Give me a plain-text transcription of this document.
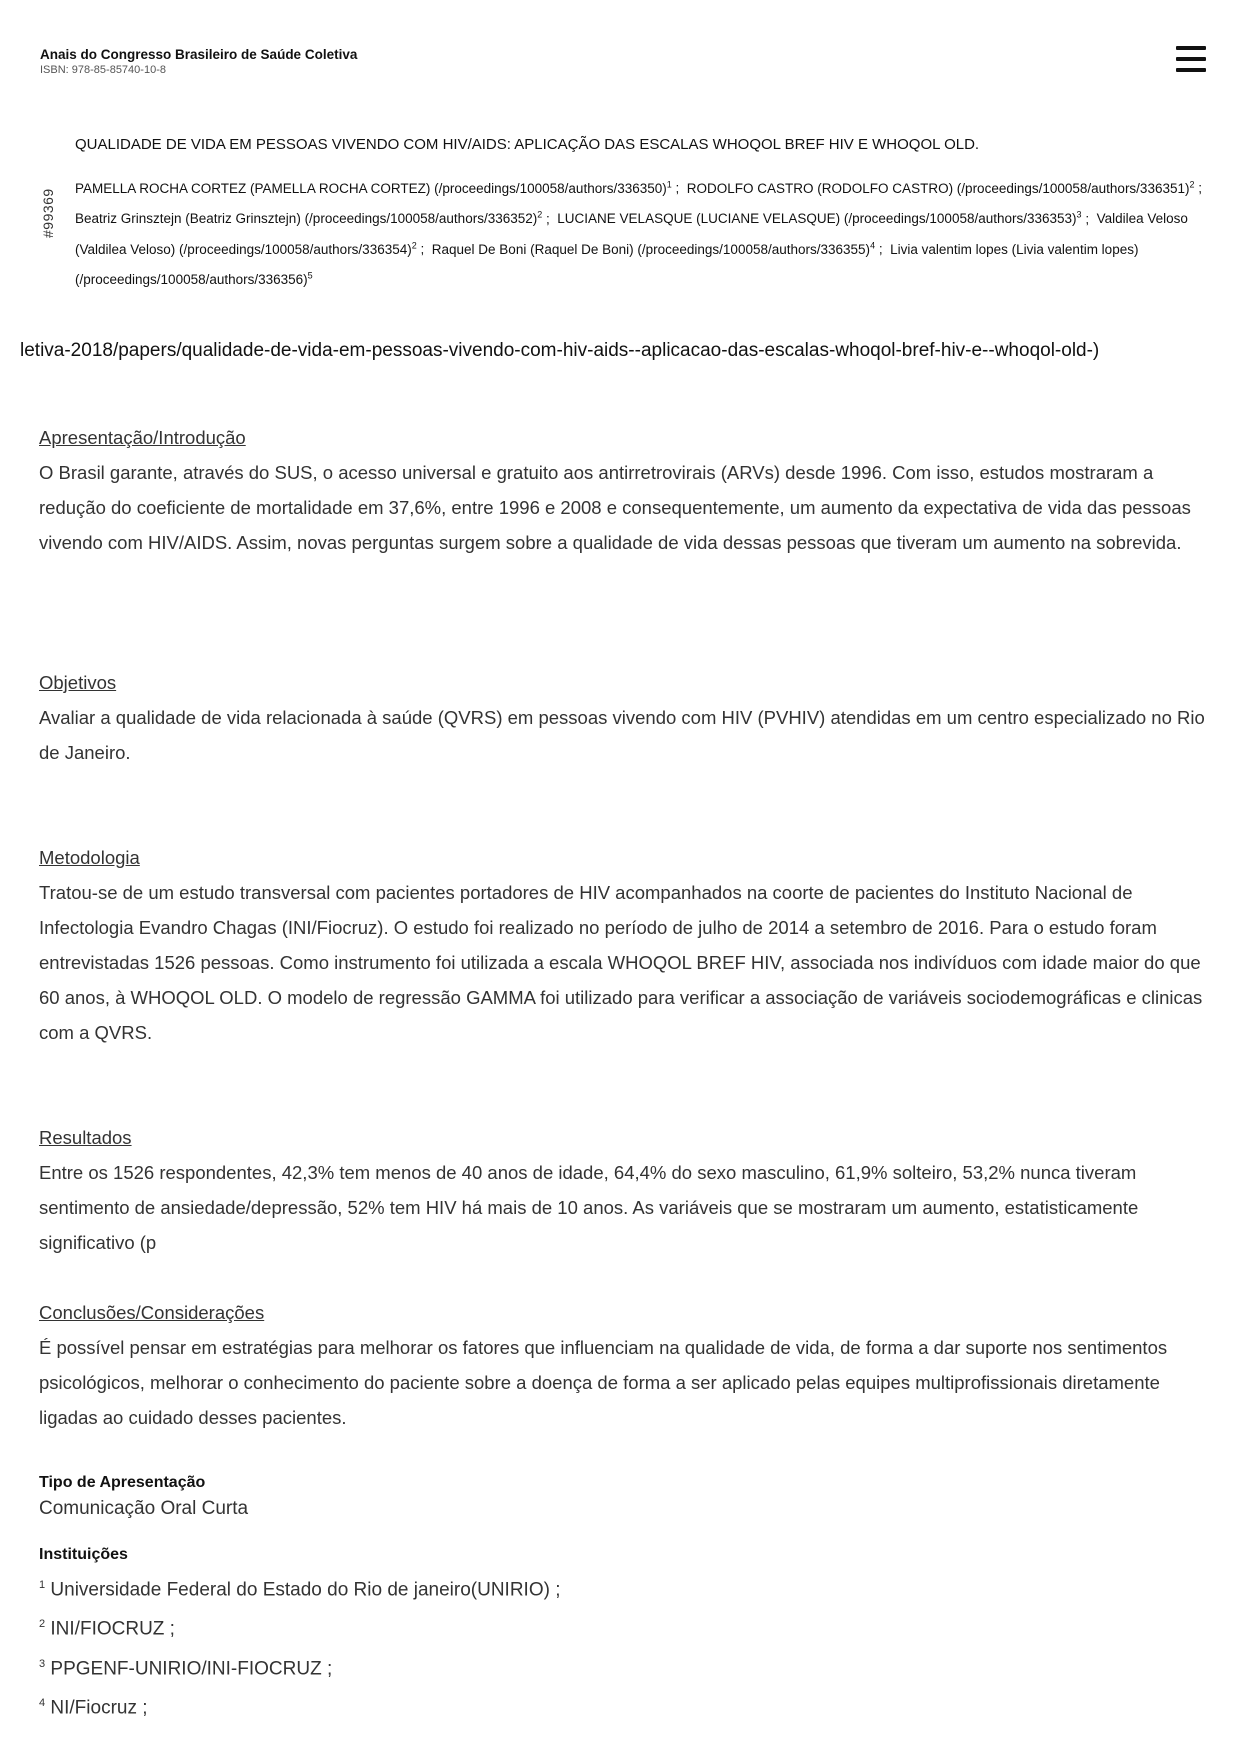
Anais do Congresso Brasileiro de Saúde Coletiva
ISBN: 978-85-85740-10-8
#99369
QUALIDADE DE VIDA EM PESSOAS VIVENDO COM HIV/AIDS: APLICAÇÃO DAS ESCALAS WHOQOL BREF HIV E WHOQOL OLD.
PAMELLA ROCHA CORTEZ (PAMELLA ROCHA CORTEZ) (/proceedings/100058/authors/336350)$^1$ ;  RODOLFO CASTRO (RODOLFO CASTRO) (/proceedings/100058/authors/336351)$^2$ ;  Beatriz Grinsztejn (Beatriz Grinsztejn) (/proceedings/100058/authors/336352)$^2$ ;  LUCIANE VELASQUE (LUCIANE VELASQUE) (/proceedings/100058/authors/336353)$^3$ ;  Valdilea Veloso (Valdilea Veloso) (/proceedings/100058/authors/336354)$^2$ ;  Raquel De Boni (Raquel De Boni) (/proceedings/100058/authors/336355)$^4$ ;  Livia valentim lopes (Livia valentim lopes) (/proceedings/100058/authors/336356)$^5$
letiva-2018/papers/qualidade-de-vida-em-pessoas-vivendo-com-hiv-aids--aplicacao-das-escalas-whoqol-bref-hiv-e--whoqol-old-)

Apresentação/Introdução

O Brasil garante, através do SUS, o acesso universal e gratuito aos antirretrovirais (ARVs) desde 1996. Com isso, estudos mostraram a redução do coeficiente de mortalidade em 37,6%, entre 1996 e 2008 e consequentemente, um aumento da expectativa de vida das pessoas vivendo com HIV/AIDS. Assim, novas perguntas surgem sobre a qualidade de vida dessas pessoas que tiveram um aumento na sobrevida.

Objetivos

Avaliar a qualidade de vida relacionada à saúde (QVRS) em pessoas vivendo com HIV (PVHIV) atendidas em um centro especializado no Rio de Janeiro.

Metodologia

Tratou-se de um estudo transversal com pacientes portadores de HIV acompanhados na coorte de pacientes do Instituto Nacional de Infectologia Evandro Chagas (INI/Fiocruz). O estudo foi realizado no período de julho de 2014 a setembro de 2016. Para o estudo foram entrevistadas 1526 pessoas. Como instrumento foi utilizada a escala WHOQOL BREF HIV, associada nos indivíduos com idade maior do que 60 anos, à WHOQOL OLD. O modelo de regressão GAMMA foi utilizado para verificar a associação de variáveis sociodemográficas e clinicas com a QVRS.

Resultados

Entre os 1526 respondentes, 42,3% tem menos de 40 anos de idade, 64,4% do sexo masculino, 61,9% solteiro, 53,2% nunca tiveram sentimento de ansiedade/depressão, 52% tem HIV há mais de 10 anos. As variáveis que se mostraram um aumento, estatisticamente significativo (p

Conclusões/Considerações

É possível pensar em estratégias para melhorar os fatores que influenciam na qualidade de vida, de forma a dar suporte nos sentimentos psicológicos, melhorar o conhecimento do paciente sobre a doença de forma a ser aplicado pelas equipes multiprofissionais diretamente ligadas ao cuidado desses pacientes.

Tipo de Apresentação

Comunicação Oral Curta

Instituições

$^1$ Universidade Federal do Estado do Rio de janeiro(UNIRIO) ;
$^2$ INI/FIOCRUZ ;
$^3$ PPGENF-UNIRIO/INI-FIOCRUZ ;
$^4$ NI/Fiocruz ;
